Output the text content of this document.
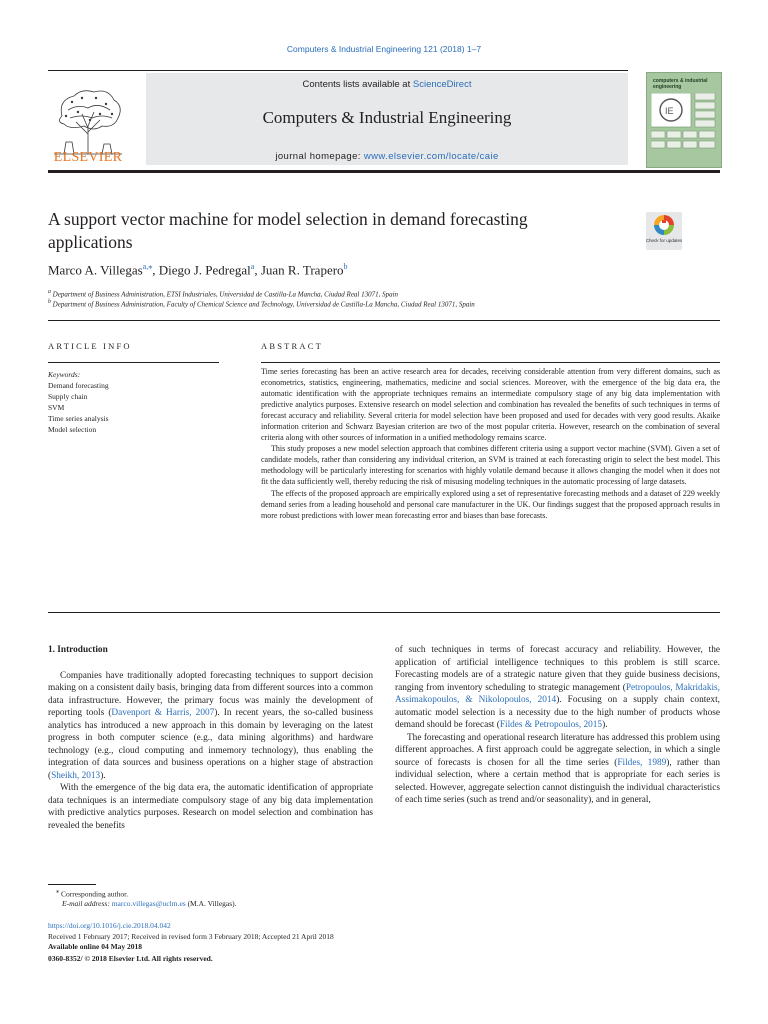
Computers & Industrial Engineering 121 (2018) 1–7
ELSEVIER
Contents lists available at ScienceDirect
Computers & Industrial Engineering
journal homepage: www.elsevier.com/locate/caie
computers & industrial engineering
IE
A support vector machine for model selection in demand forecasting applications	Check for updates
Marco A. Villegas$^{a,⁎}$, Diego J. Pedregal$^a$, Juan R. Trapero$^b$
$^a$ Department of Business Administration, ETSI Industriales, Universidad de Castilla-La Mancha, Ciudad Real 13071, Spain
$^b$ Department of Business Administration, Faculty of Chemical Science and Technology, Universidad de Castilla-La Mancha, Ciudad Real 13071, Spain
ARTICLE INFO	ABSTRACT
Keywords:
Demand forecasting
Supply chain
SVM
Time series analysis
Model selection

Time series forecasting has been an active research area for decades, receiving considerable attention from very different domains, such as econometrics, statistics, engineering, mathematics, medicine and social sciences. Moreover, with the emergence of the big data era, the automatic identification with the appropriate techniques remains an intermediate compulsory stage of any big data implementation with predictive analytics purposes. Extensive research on model selection and combination has revealed the benefits of such techniques in terms of forecast accuracy and reliability. Several criteria for model selection have been proposed and used for decades with very good results. Akaike information criterion and Schwarz Bayesian criterion are two of the most popular criteria. However, research on the combination of several criteria along with other sources of information in a unified methodology remains scarce.

This study proposes a new model selection approach that combines different criteria using a support vector machine (SVM). Given a set of candidate models, rather than considering any individual criterion, an SVM is trained at each forecasting origin to select the best model. This methodology will be particularly interesting for scenarios with highly volatile demand because it allows changing the model when it does not fit the data sufficiently well, thereby reducing the risk of misusing modeling techniques in the automatic processing of large datasets.

The effects of the proposed approach are empirically explored using a set of representative forecasting methods and a dataset of 229 weekly demand series from a leading household and personal care manufacturer in the UK. Our findings suggest that the proposed approach results in more robust predictions with lower mean forecasting error and biases than base forecasts.

1. Introduction

Companies have traditionally adopted forecasting techniques to support decision making on a consistent daily basis, bringing data from different sources into a common data infrastructure. However, the primary focus was mainly the development of reporting tools (Davenport & Harris, 2007). In recent years, the so-called business analytics has introduced a new approach in this domain by leveraging on the latest progress in both computer science (e.g., data mining algorithms) and hardware technology (e.g., cloud computing and inmemory technology), thus enabling the integration of data sources and business operations on a higher stage of abstraction (Sheikh, 2013).

With the emergence of the big data era, the automatic identification of appropriate data techniques is an intermediate compulsory stage of any big data implementation with predictive analytics purposes. Research on model selection and combination has revealed the benefits

of such techniques in terms of forecast accuracy and reliability. However, the application of artificial intelligence techniques to this problem is still scarce. Forecasting models are of a strategic nature given that they guide business decisions, ranging from inventory scheduling to strategic management (Petropoulos, Makridakis, Assimakopoulos, & Nikolopoulos, 2014). Focusing on a supply chain context, automatic model selection is a necessity due to the high number of products whose demand should be forecast (Fildes & Petropoulos, 2015).

The forecasting and operational research literature has addressed this problem using different approaches. A first approach could be aggregate selection, in which a single source of forecasts is chosen for all the time series (Fildes, 1989), rather than individual selection, where a certain method that is appropriate for each series is selected. However, aggregate selection cannot distinguish the individual characteristics of each time series (such as trend and/or seasonality), and in general,

⁎ Corresponding author.
E-mail address: marco.villegas@uclm.es (M.A. Villegas).
https://doi.org/10.1016/j.cie.2018.04.042
Received 1 February 2017; Received in revised form 3 February 2018; Accepted 21 April 2018
Available online 04 May 2018
0360-8352/ © 2018 Elsevier Ltd. All rights reserved.
